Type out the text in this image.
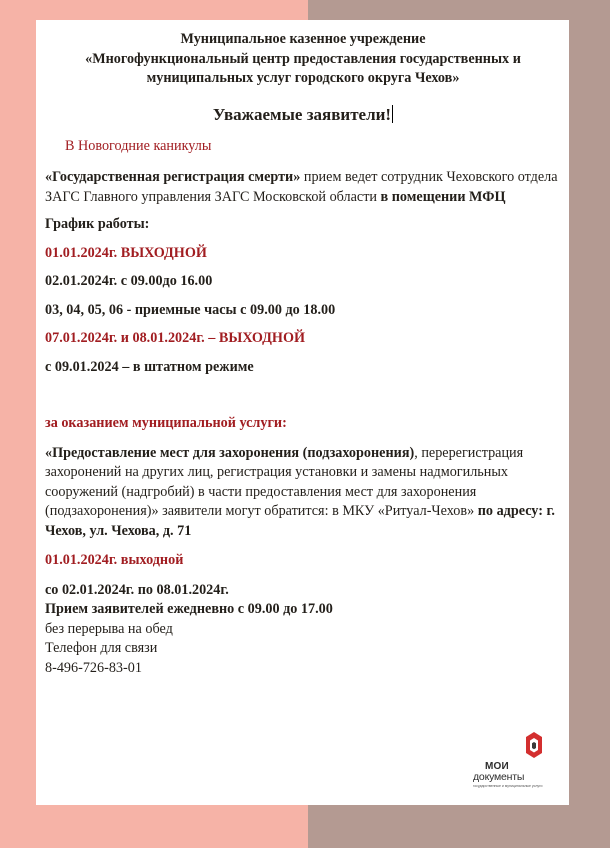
Муниципальное казенное учреждение
«Многофункциональный центр предоставления государственных и
муниципальных услуг городского округа Чехов»
Уважаемые заявители!
В Новогодние каникулы
«Государственная регистрация смерти» прием ведет сотрудник Чеховского отдела ЗАГС Главного управления ЗАГС Московской области в помещении МФЦ
График работы:
01.01.2024г. ВЫХОДНОЙ
02.01.2024г. с 09.00до 16.00
03, 04, 05, 06 - приемные часы с 09.00 до 18.00
07.01.2024г. и 08.01.2024г. – ВЫХОДНОЙ
с 09.01.2024 – в штатном режиме
за оказанием муниципальной услуги:
«Предоставление мест для захоронения (подзахоронения), перерегистрация захоронений на других лиц, регистрация установки и замены надмогильных сооружений (надгробий) в части предоставления мест для захоронения (подзахоронения)» заявители могут обратится: в МКУ «Ритуал-Чехов» по адресу: г. Чехов, ул. Чехова, д. 71
01.01.2024г. выходной
со 02.01.2024г. по 08.01.2024г.
Прием заявителей ежедневно с 09.00 до 17.00
без перерыва на обед
Телефон для связи
8-496-726-83-01
МОИ
документы
государственные и муниципальные услуги
